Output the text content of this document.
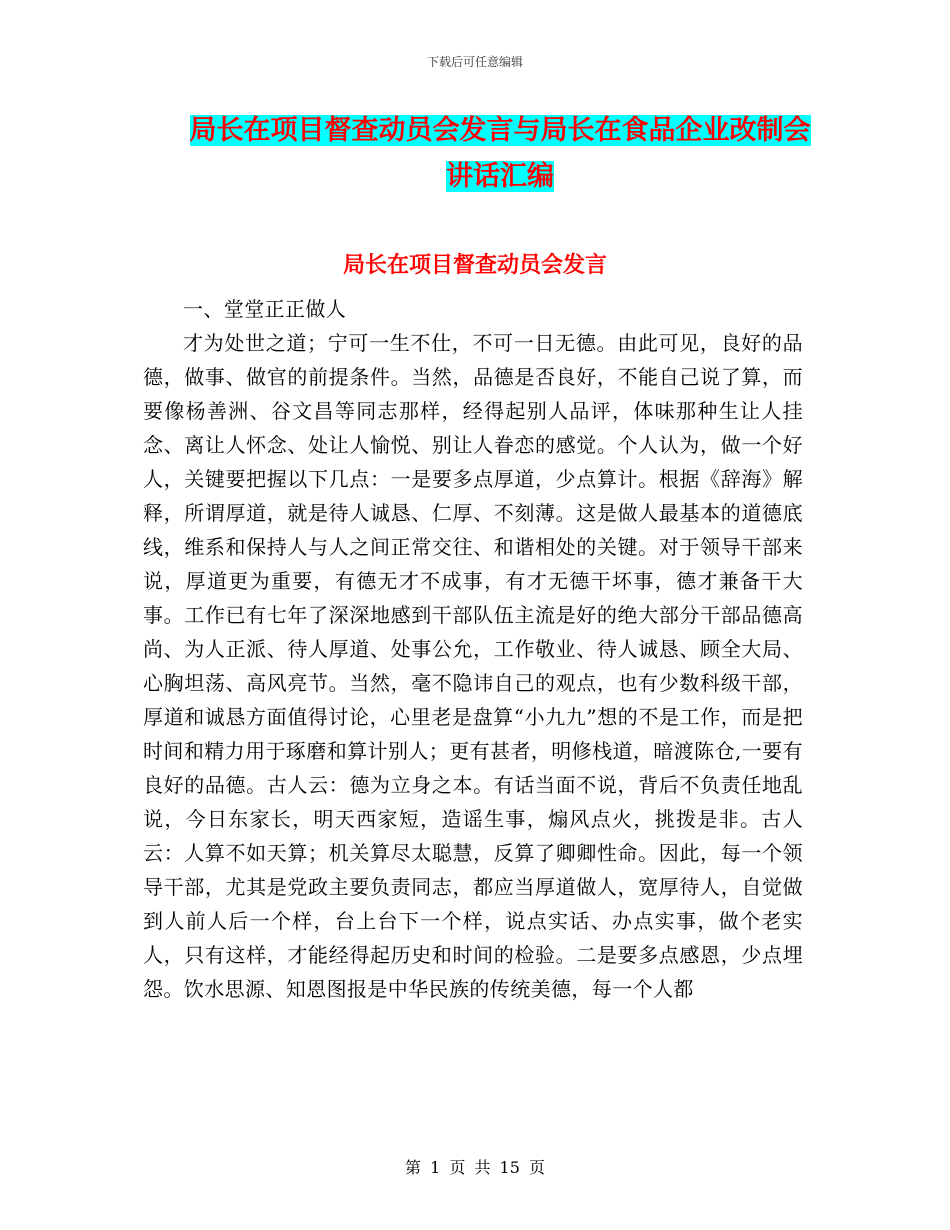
下载后可任意编辑
局长在项目督查动员会发言与局长在食品企业改制会
讲话汇编
局长在项目督查动员会发言

一、堂堂正正做人

才为处世之道；宁可一生不仕，不可一日无德。由此可见，良好的品德，做事、做官的前提条件。当然，品德是否良好，不能自己说了算，而要像杨善洲、谷文昌等同志那样，经得起别人品评，体味那种生让人挂念、离让人怀念、处让人愉悦、别让人眷恋的感觉。个人认为，做一个好人，关键要把握以下几点：一是要多点厚道，少点算计。根据《辞海》解释，所谓厚道，就是待人诚恳、仁厚、不刻薄。这是做人最基本的道德底线，维系和保持人与人之间正常交往、和谐相处的关键。对于领导干部来说，厚道更为重要，有德无才不成事，有才无德干坏事，德才兼备干大事。工作已有七年了深深地感到干部队伍主流是好的绝大部分干部品德高尚、为人正派、待人厚道、处事公允，工作敬业、待人诚恳、顾全大局、心胸坦荡、高风亮节。当然，毫不隐讳自己的观点，也有少数科级干部，厚道和诚恳方面值得讨论，心里老是盘算“小九九”想的不是工作，而是把时间和精力用于琢磨和算计别人；更有甚者，明修栈道，暗渡陈仓,一要有良好的品德。古人云：德为立身之本。有话当面不说，背后不负责任地乱说，今日东家长，明天西家短，造谣生事，煽风点火，挑拨是非。古人云：人算不如天算；机关算尽太聪慧，反算了卿卿性命。因此，每一个领导干部，尤其是党政主要负责同志，都应当厚道做人，宽厚待人，自觉做到人前人后一个样，台上台下一个样，说点实话、办点实事，做个老实人，只有这样，才能经得起历史和时间的检验。二是要多点感恩，少点埋怨。饮水思源、知恩图报是中华民族的传统美德，每一个人都

第 1 页 共 15 页
